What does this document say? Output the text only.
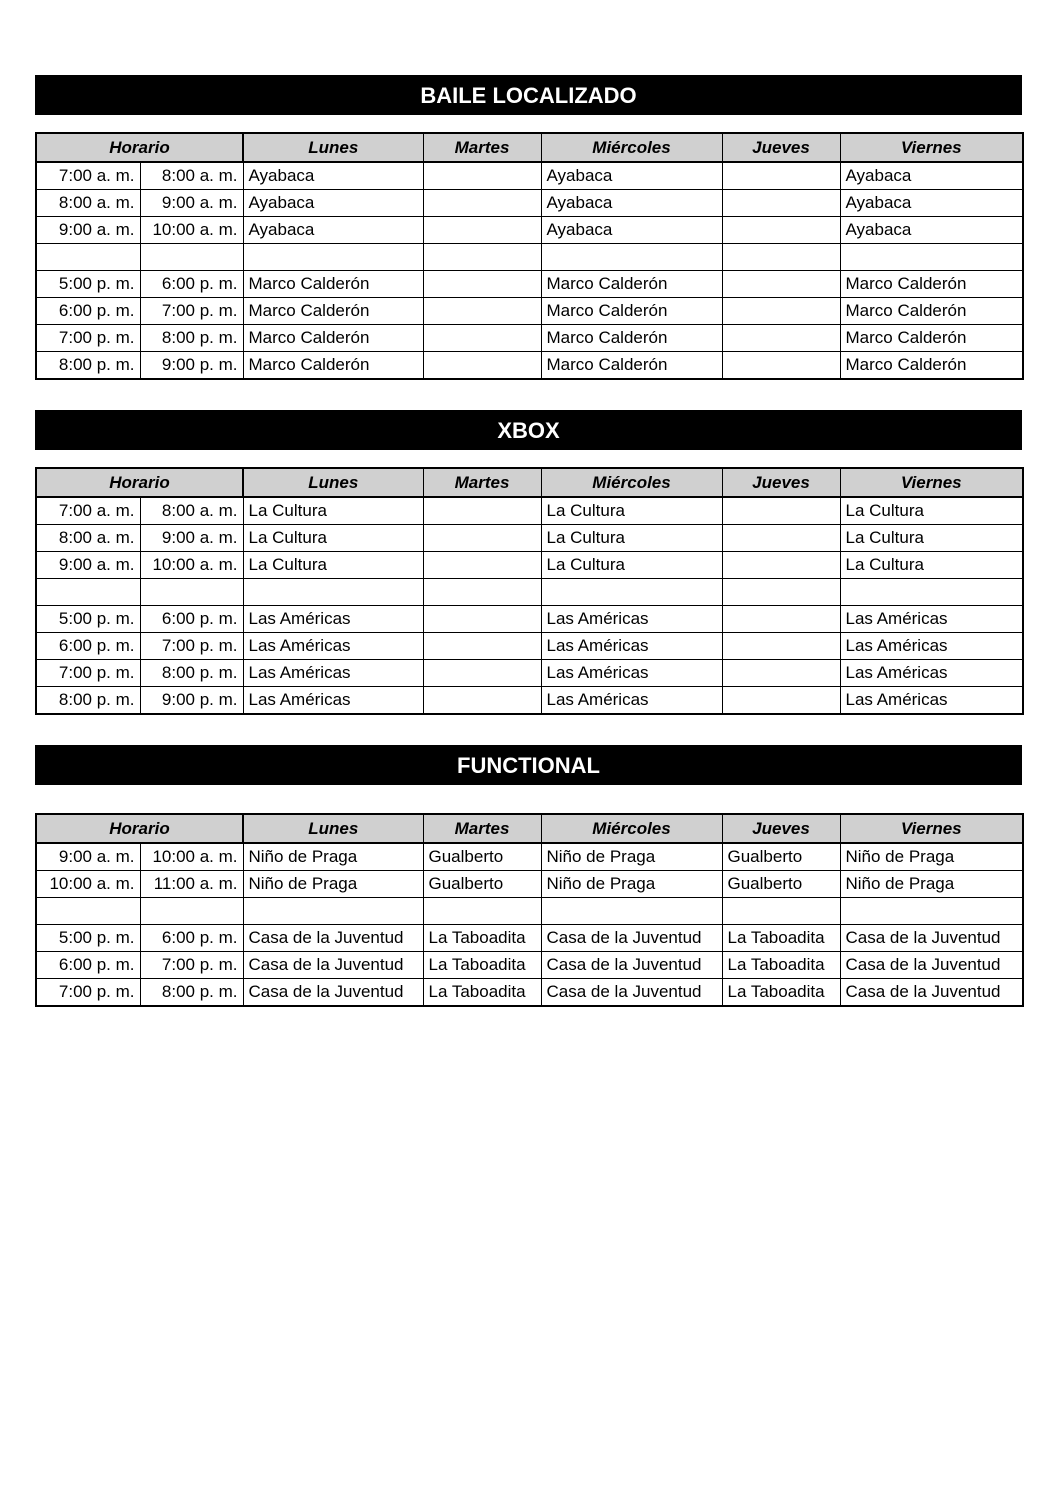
BAILE LOCALIZADO
Horario		Lunes	Martes	Miércoles	Jueves	Viernes
7:00 a. m.	8:00 a. m.	Ayabaca		Ayabaca		Ayabaca
8:00 a. m.	9:00 a. m.	Ayabaca		Ayabaca		Ayabaca
9:00 a. m.	10:00 a. m.	Ayabaca		Ayabaca		Ayabaca

5:00 p. m.	6:00 p. m.	Marco Calderón		Marco Calderón		Marco Calderón
6:00 p. m.	7:00 p. m.	Marco Calderón		Marco Calderón		Marco Calderón
7:00 p. m.	8:00 p. m.	Marco Calderón		Marco Calderón		Marco Calderón
8:00 p. m.	9:00 p. m.	Marco Calderón		Marco Calderón		Marco Calderón
XBOX
Horario		Lunes	Martes	Miércoles	Jueves	Viernes
7:00 a. m.	8:00 a. m.	La Cultura		La Cultura		La Cultura
8:00 a. m.	9:00 a. m.	La Cultura		La Cultura		La Cultura
9:00 a. m.	10:00 a. m.	La Cultura		La Cultura		La Cultura

5:00 p. m.	6:00 p. m.	Las Américas		Las Américas		Las Américas
6:00 p. m.	7:00 p. m.	Las Américas		Las Américas		Las Américas
7:00 p. m.	8:00 p. m.	Las Américas		Las Américas		Las Américas
8:00 p. m.	9:00 p. m.	Las Américas		Las Américas		Las Américas
FUNCTIONAL
Horario		Lunes	Martes	Miércoles	Jueves	Viernes
9:00 a. m.	10:00 a. m.	Niño de Praga	Gualberto	Niño de Praga	Gualberto	Niño de Praga
10:00 a. m.	11:00 a. m.	Niño de Praga	Gualberto	Niño de Praga	Gualberto	Niño de Praga

5:00 p. m.	6:00 p. m.	Casa de la Juventud	La Taboadita	Casa de la Juventud	La Taboadita	Casa de la Juventud
6:00 p. m.	7:00 p. m.	Casa de la Juventud	La Taboadita	Casa de la Juventud	La Taboadita	Casa de la Juventud
7:00 p. m.	8:00 p. m.	Casa de la Juventud	La Taboadita	Casa de la Juventud	La Taboadita	Casa de la Juventud
